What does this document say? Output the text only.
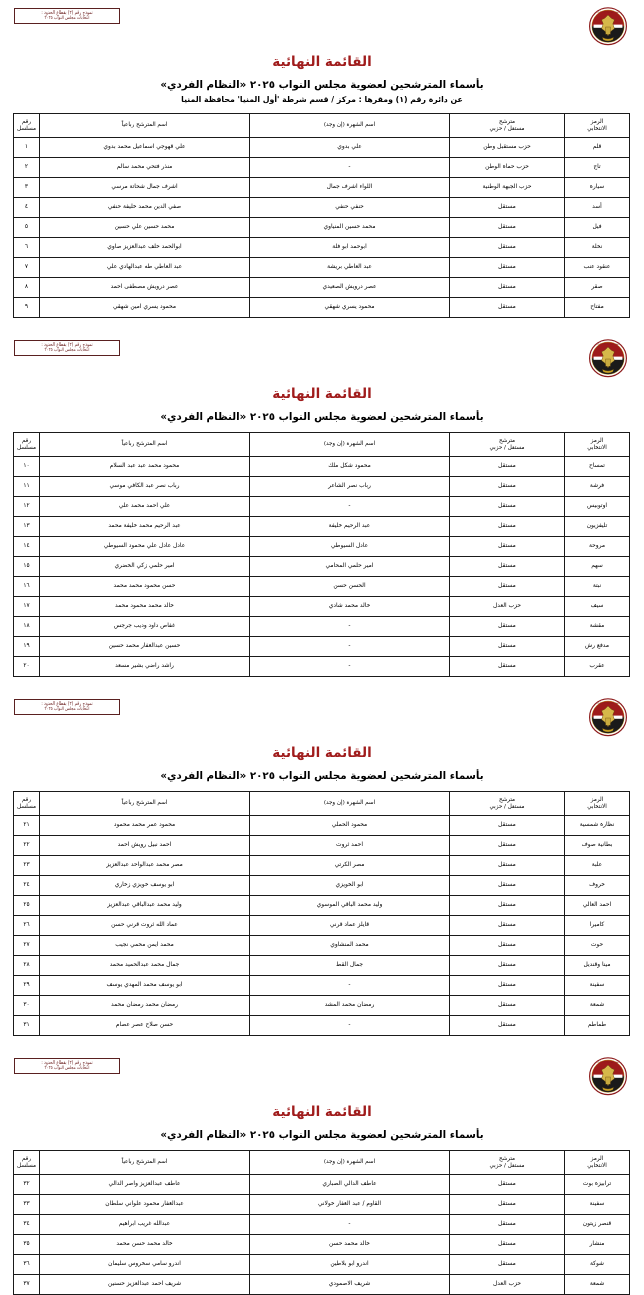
نموذج رقم (٢) بقطاع الحدود :
انتخابات مجلس النواب ٢٠٢٥
الهيئة الوطنية للانتخابات
القائمة النهائية
بأسماء المترشحين لعضوية مجلس النواب ٢٠٢٥ «النظام الفردي»
عن دائرة رقم (١) ومقرها : مركز / قسم شرطة 'أول المنيا' محافظة المنيا
الرمز
الانتخابي	مترشح
مستقل / حزبي	اسم الشهرة (إن وجد)	اسم المترشح رباعياً	رقم
مسلسل

قلم	حزب مستقبل وطن	علي بدوي	علي قهوجي اسماعيل محمد بدوي	١
تاج	حزب حماة الوطن	-	منذر فتحي محمد سالم	٢
سيارة	حزب الجبهة الوطنية	اللواء اشرف جمال	اشرف جمال شحاتة مرسي	٣
أسد	مستقل	حنفي حنفي	صفي الدين محمد خليفة حنفي	٤
فيل	مستقل	محمد حسين المنياوي	محمد حسين علي حسين	٥
نخلة	مستقل	ابوحمد ابو فلة	ابوالحمد خلف عبدالعزيز صاوي	٦
عنقود عنب	مستقل	عبد العاطي بريشة	عبد العاطي طه عبدالهادي علي	٧
صقر	مستقل	عصر درويش الصعيدي	عصر درويش مصطفى احمد	٨
مفتاح	مستقل	محمود يسري شهقي	محمود يسري امين شهقي	٩
نموذج رقم (٢) بقطاع الحدود :
انتخابات مجلس النواب ٢٠٢٥
الهيئة الوطنية للانتخابات
القائمة النهائية
بأسماء المترشحين لعضوية مجلس النواب ٢٠٢٥ «النظام الفردي»
الرمز
الانتخابي	مترشح
مستقل / حزبي	اسم الشهرة (إن وجد)	اسم المترشح رباعياً	رقم
مسلسل

تمساح	مستقل	محمود شكل ملك	محمود محمد عبد عبد السلام	١٠
فرشة	مستقل	رباب نصر الشاعر	رباب نصر عبد الكافي موسي	١١
اوتوبيس	مستقل	-	علي احمد محمد علي	١٢
تليفزيون	مستقل	عبد الرحيم خليفة	عبد الرحيم محمد خليفة محمد	١٣
مروحة	مستقل	عادل السيوطي	عادل عادل علي محمود السيوطي	١٤
سهم	مستقل	امير حلمي المحامي	امير حلمي زكي الخضري	١٥
نبتة	مستقل	الحسن حسن	حسن محمود محمد محمد	١٦
سيف	حزب العدل	خالد محمد شادي	خالد محمد محمود محمد	١٧
مقشة	مستقل	-	غفاص داود وديب جرجس	١٨
مدفع رش	مستقل	-	حسين عبدالغفار محمد حسين	١٩
عقرب	مستقل	-	راشد راضي بشير مسعد	٢٠
نموذج رقم (٢) بقطاع الحدود :
انتخابات مجلس النواب ٢٠٢٥
الهيئة الوطنية للانتخابات
القائمة النهائية
بأسماء المترشحين لعضوية مجلس النواب ٢٠٢٥ «النظام الفردي»
الرمز
الانتخابي	مترشح
مستقل / حزبي	اسم الشهرة (إن وجد)	اسم المترشح رباعياً	رقم
مسلسل

نظارة شمسية	مستقل	محمود الحملي	محمود عمر محمد محمود	٢١
بطانية صوف	مستقل	احمد ثروت	احمد نبيل رويش احمد	٢٢
علبة	مستقل	مصر الكرتي	مصر محمد عبدالواحد عبدالعزيز	٢٣
خروف	مستقل	ابو الخويزي	ابو يوسف خويزي زخاري	٢٤
احمد العالي	مستقل	وليد محمد الباقي الموسوي	وليد محمد عبدالباقي عبدالعزيز	٢٥
كاميرا	مستقل	قايلز عماد قرني	عماد الله ثروت قرني حسن	٢٦
حوت	مستقل	محمد المنشاوي	محمد ايمن محمي نجيب	٢٧
مينا وقنديل	مستقل	جمال القط	جمال محمد عبدالحميد محمد	٢٨
سفينة	مستقل	-	ابو يوسف محمد المهدي يوسف	٢٩
شمعة	مستقل	رمضان محمد المشد	رمضان محمد رمضان محمد	٣٠
طماطم	مستقل	-	حسن صلاح عصر عصام	٣١
نموذج رقم (٢) بقطاع الحدود :
انتخابات مجلس النواب ٢٠٢٥
الهيئة الوطنية للانتخابات
القائمة النهائية
بأسماء المترشحين لعضوية مجلس النواب ٢٠٢٥ «النظام الفردي»
الرمز
الانتخابي	مترشح
مستقل / حزبي	اسم الشهرة (إن وجد)	اسم المترشح رباعياً	رقم
مسلسل

ترابيزة بوت	مستقل	عاطف الدالي الصباري	عاطف عبدالعزيز واصر الدالي	٣٢
سفينة	مستقل	القاوم / عبد الغفار خولاني	عبدالغفار محمود علواني سلطان	٣٣
قنصر زيتون	مستقل	-	عبدالله غريب ابراهيم	٣٤
منشار	مستقل	خالد محمد حسن	خالد محمد حسن محمد	٣٥
شوكة	مستقل	اندرو ابو بلاطين	اندرو سامي سخروس سليمان	٣٦
شمعة	حزب العدل	شريف الاصمودي	شريف احمد عبدالعزيز حسنين	٣٧
